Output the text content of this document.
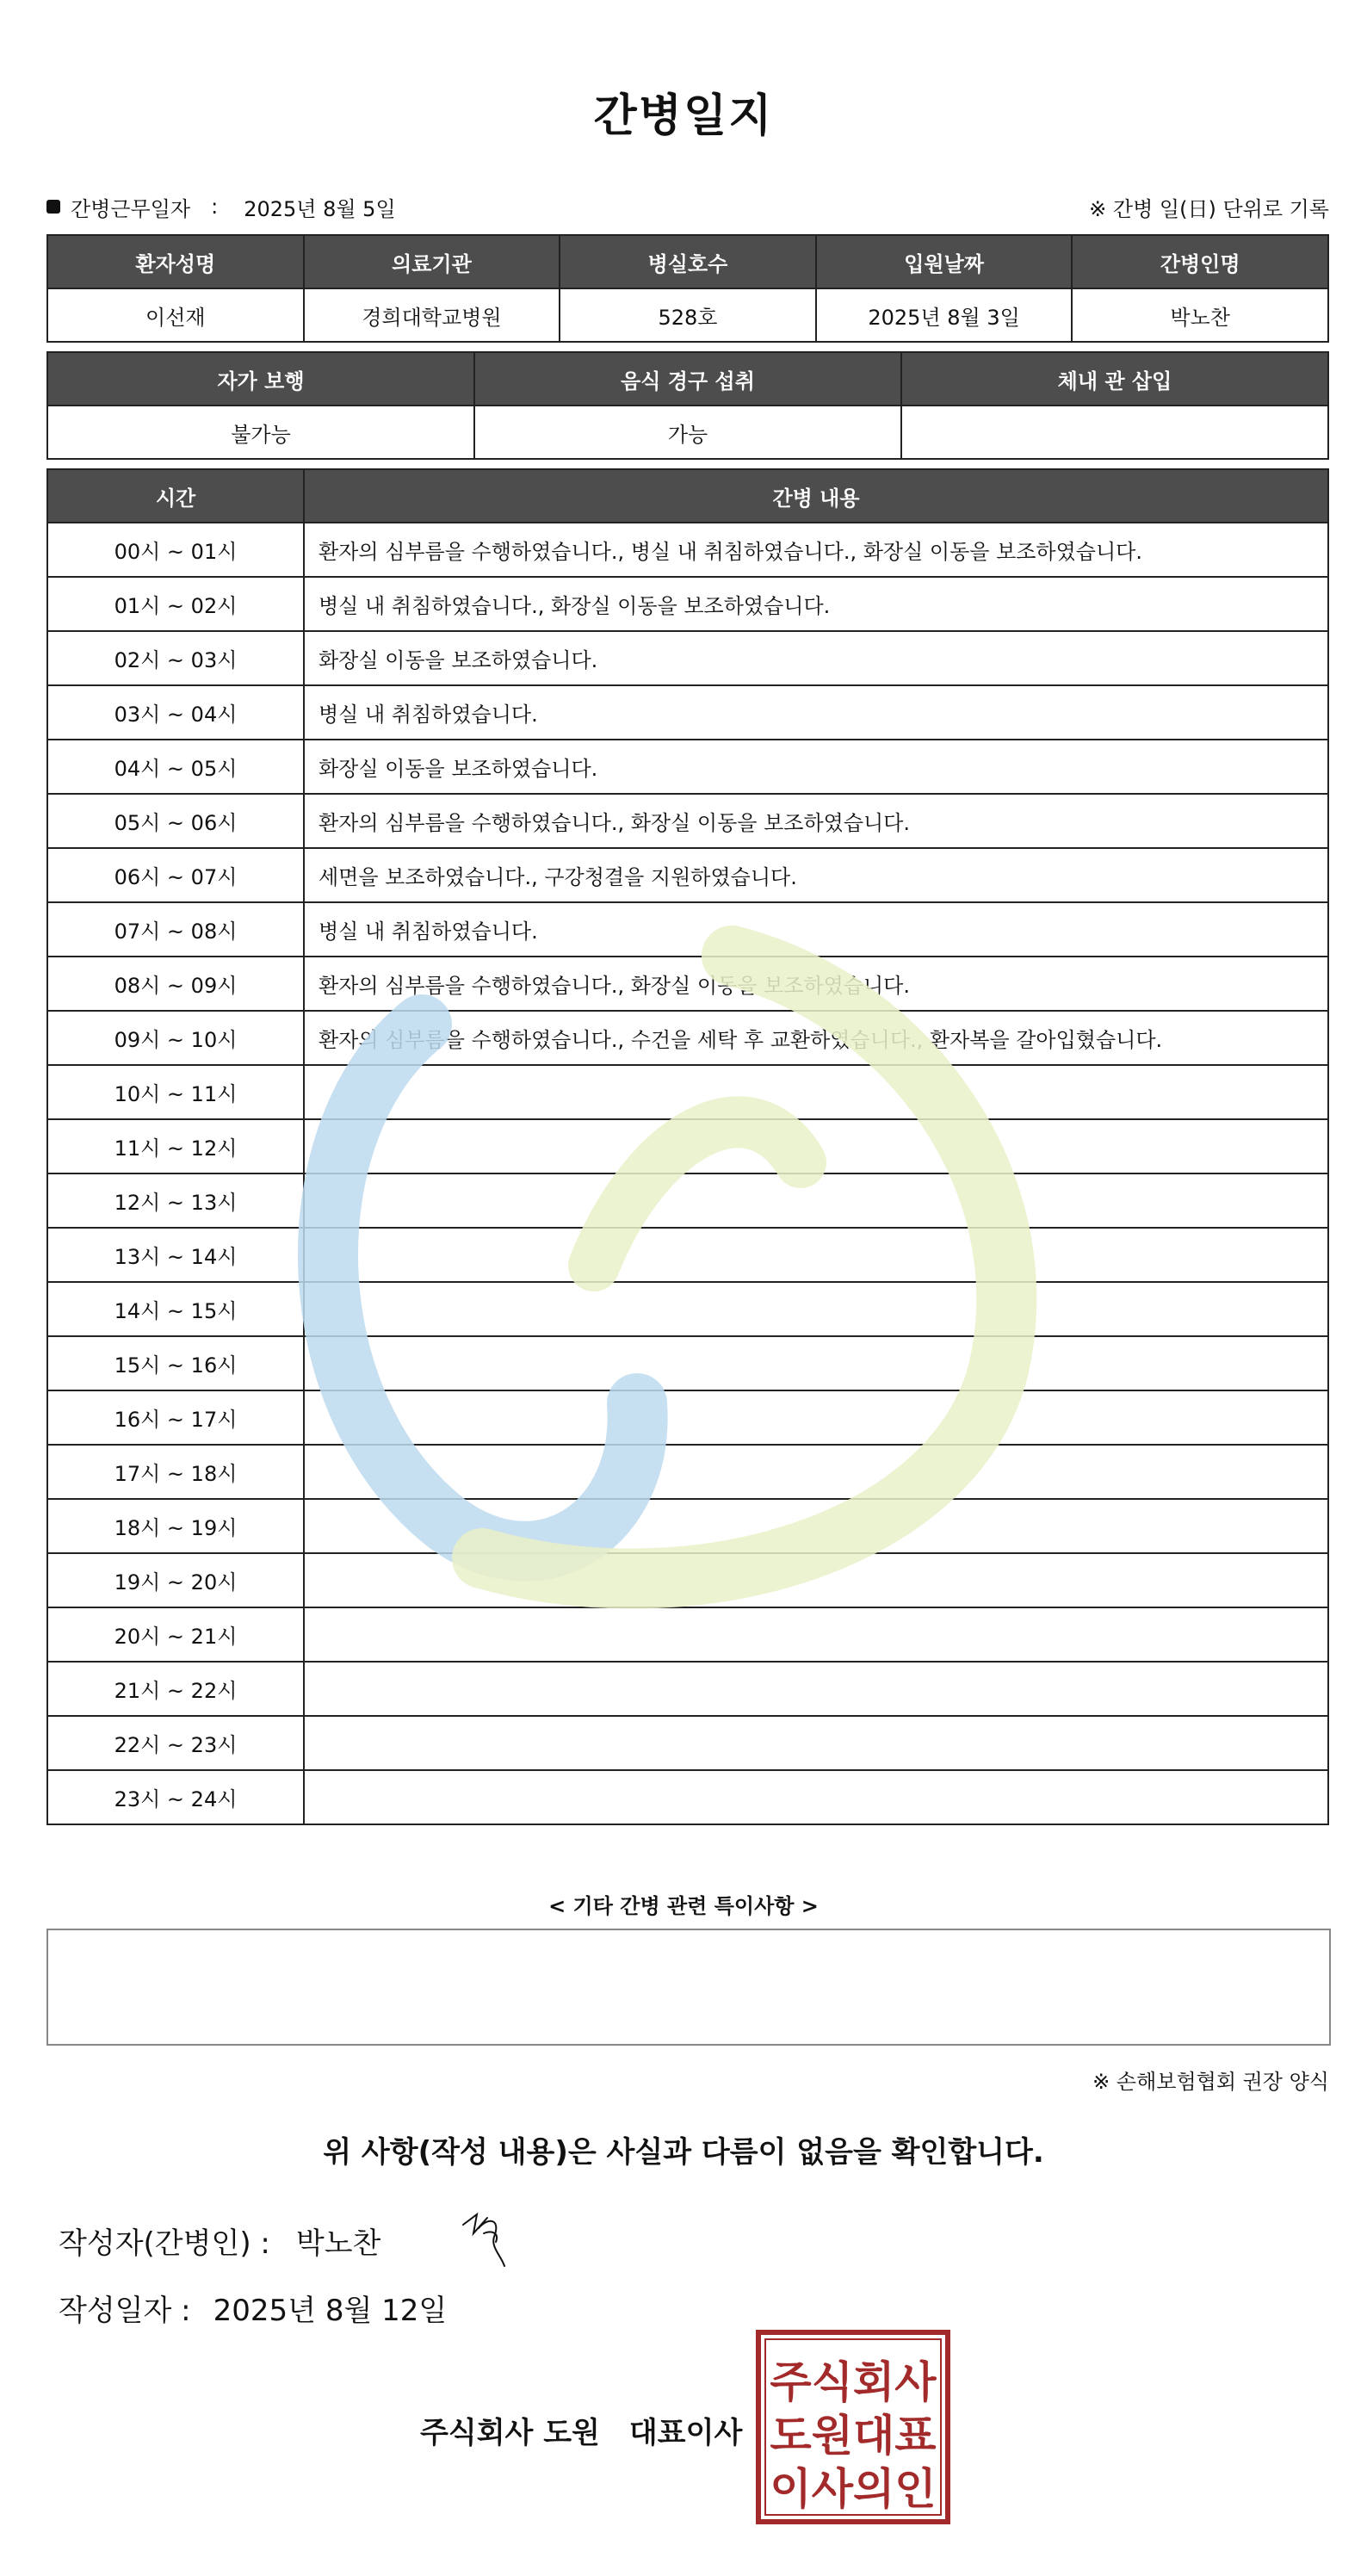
간병일지
간병근무일자 : 2025년 8월 5일	※ 간병 일(日) 단위로 기록
환자성명	의료기관	병실호수	입원날짜	간병인명
이선재	경희대학교병원	528호	2025년 8월 3일	박노찬
자가 보행	음식 경구 섭취	체내 관 삽입
불가능	가능	
시간	간병 내용
00시 ~ 01시	환자의 심부름을 수행하였습니다., 병실 내 취침하였습니다., 화장실 이동을 보조하였습니다.
01시 ~ 02시	병실 내 취침하였습니다., 화장실 이동을 보조하였습니다.
02시 ~ 03시	화장실 이동을 보조하였습니다.
03시 ~ 04시	병실 내 취침하였습니다.
04시 ~ 05시	화장실 이동을 보조하였습니다.
05시 ~ 06시	환자의 심부름을 수행하였습니다., 화장실 이동을 보조하였습니다.
06시 ~ 07시	세면을 보조하였습니다., 구강청결을 지원하였습니다.
07시 ~ 08시	병실 내 취침하였습니다.
08시 ~ 09시	환자의 심부름을 수행하였습니다., 화장실 이동을 보조하였습니다.
09시 ~ 10시	환자의 심부름을 수행하였습니다., 수건을 세탁 후 교환하였습니다., 환자복을 갈아입혔습니다.
10시 ~ 11시	
11시 ~ 12시	
12시 ~ 13시	
13시 ~ 14시	
14시 ~ 15시	
15시 ~ 16시	
16시 ~ 17시	
17시 ~ 18시	
18시 ~ 19시	
19시 ~ 20시	
20시 ~ 21시	
21시 ~ 22시	
22시 ~ 23시	
23시 ~ 24시	
< 기타 간병 관련 특이사항 >
※ 손해보험협회 권장 양식
위 사항(작성 내용)은 사실과 다름이 없음을 확인합니다.
작성자(간병인) : 박노찬
작성일자 : 2025년 8월 12일
주식회사 도원 대표이사
주식회사
도원대표
이사의인
